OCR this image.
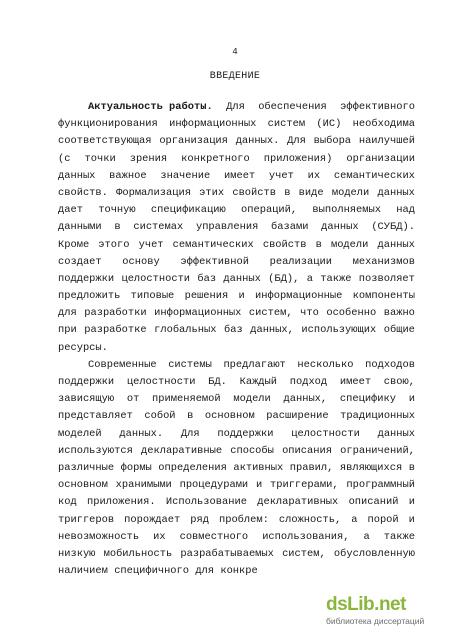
4
ВВЕДЕНИЕ
Актуальность работы. Для обеспечения эффективного
функционирования информационных систем (ИС) необходима
соответствующая организация данных. Для выбора наилучшей
(с точки зрения конкретного приложения) организации
данных важное значение имеет учет их семантических
свойств. Формализация этих свойств в виде модели данных
дает точную спецификацию операций, выполняемых над
данными в системах управления базами данных (СУБД).
Кроме этого учет семантических свойств в модели данных
создает основу эффективной реализации механизмов
поддержки целостности баз данных (БД), а также позволяет
предложить типовые решения и информационные компоненты
для разработки информационных систем, что особенно важно
при разработке глобальных баз данных, использующих общие
ресурсы.
Современные системы предлагают несколько подходов
поддержки целостности БД. Каждый подход имеет свою,
зависящую от применяемой модели данных, специфику и
представляет собой в основном расширение традиционных
моделей данных. Для поддержки целостности данных
используются декларативные способы описания ограничений,
различные формы определения активных правил, являющихся в
основном хранимыми процедурами и триггерами, программный
код приложения. Использование декларативных описаний и
триггеров порождает ряд проблем: сложность, а порой и
невозможность их совместного использования, а также
низкую мобильность разрабатываемых систем, обусловленную
наличием специфичного для конкре
dsLib.net
библиотека диссертаций
